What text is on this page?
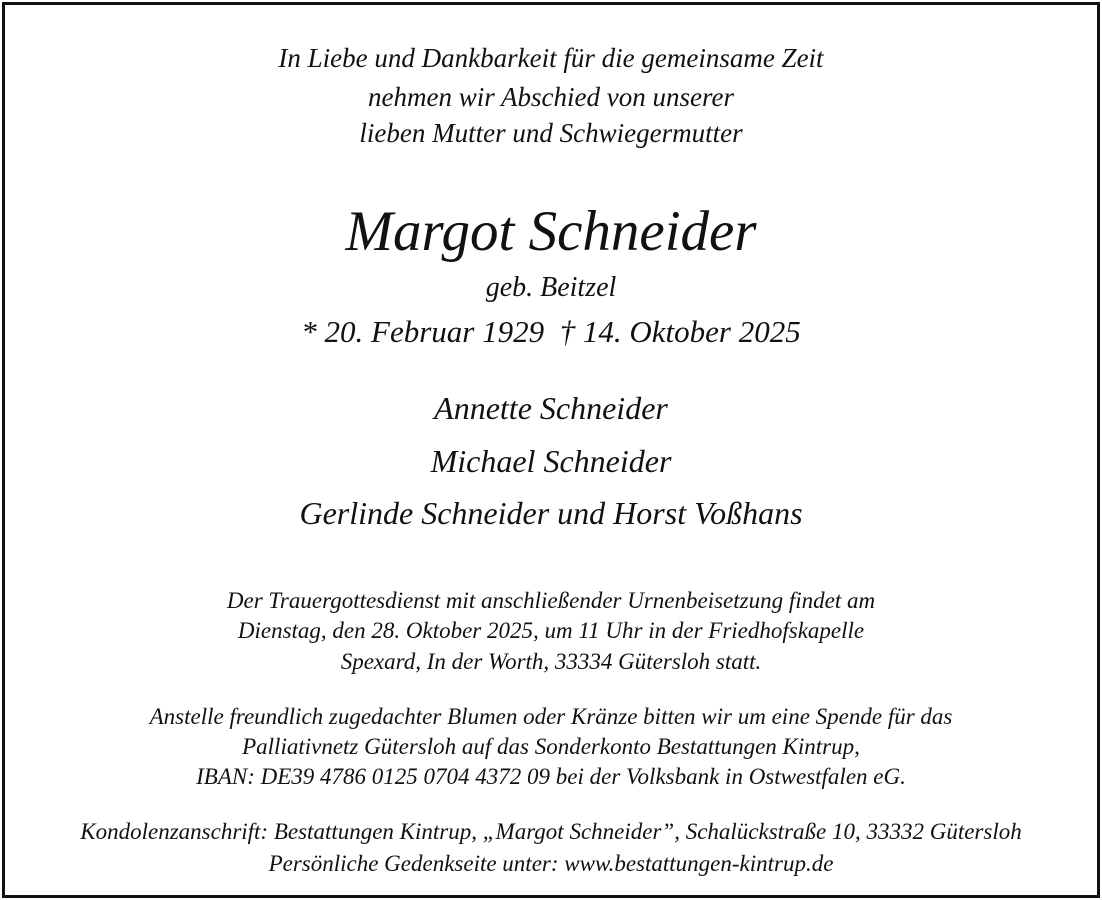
In Liebe und Dankbarkeit für die gemeinsame Zeit
nehmen wir Abschied von unserer
lieben Mutter und Schwiegermutter
Margot Schneider
geb. Beitzel
* 20. Februar 1929  † 14. Oktober 2025
Annette Schneider
Michael Schneider
Gerlinde Schneider und Horst Voßhans
Der Trauergottesdienst mit anschließender Urnenbeisetzung findet am
Dienstag, den 28. Oktober 2025, um 11 Uhr in der Friedhofskapelle
Spexard, In der Worth, 33334 Gütersloh statt.
Anstelle freundlich zugedachter Blumen oder Kränze bitten wir um eine Spende für das
Palliativnetz Gütersloh auf das Sonderkonto Bestattungen Kintrup,
IBAN: DE39 4786 0125 0704 4372 09 bei der Volksbank in Ostwestfalen eG.
Kondolenzanschrift: Bestattungen Kintrup, „Margot Schneider”, Schalückstraße 10, 33332 Gütersloh
Persönliche Gedenkseite unter: www.bestattungen-kintrup.de
